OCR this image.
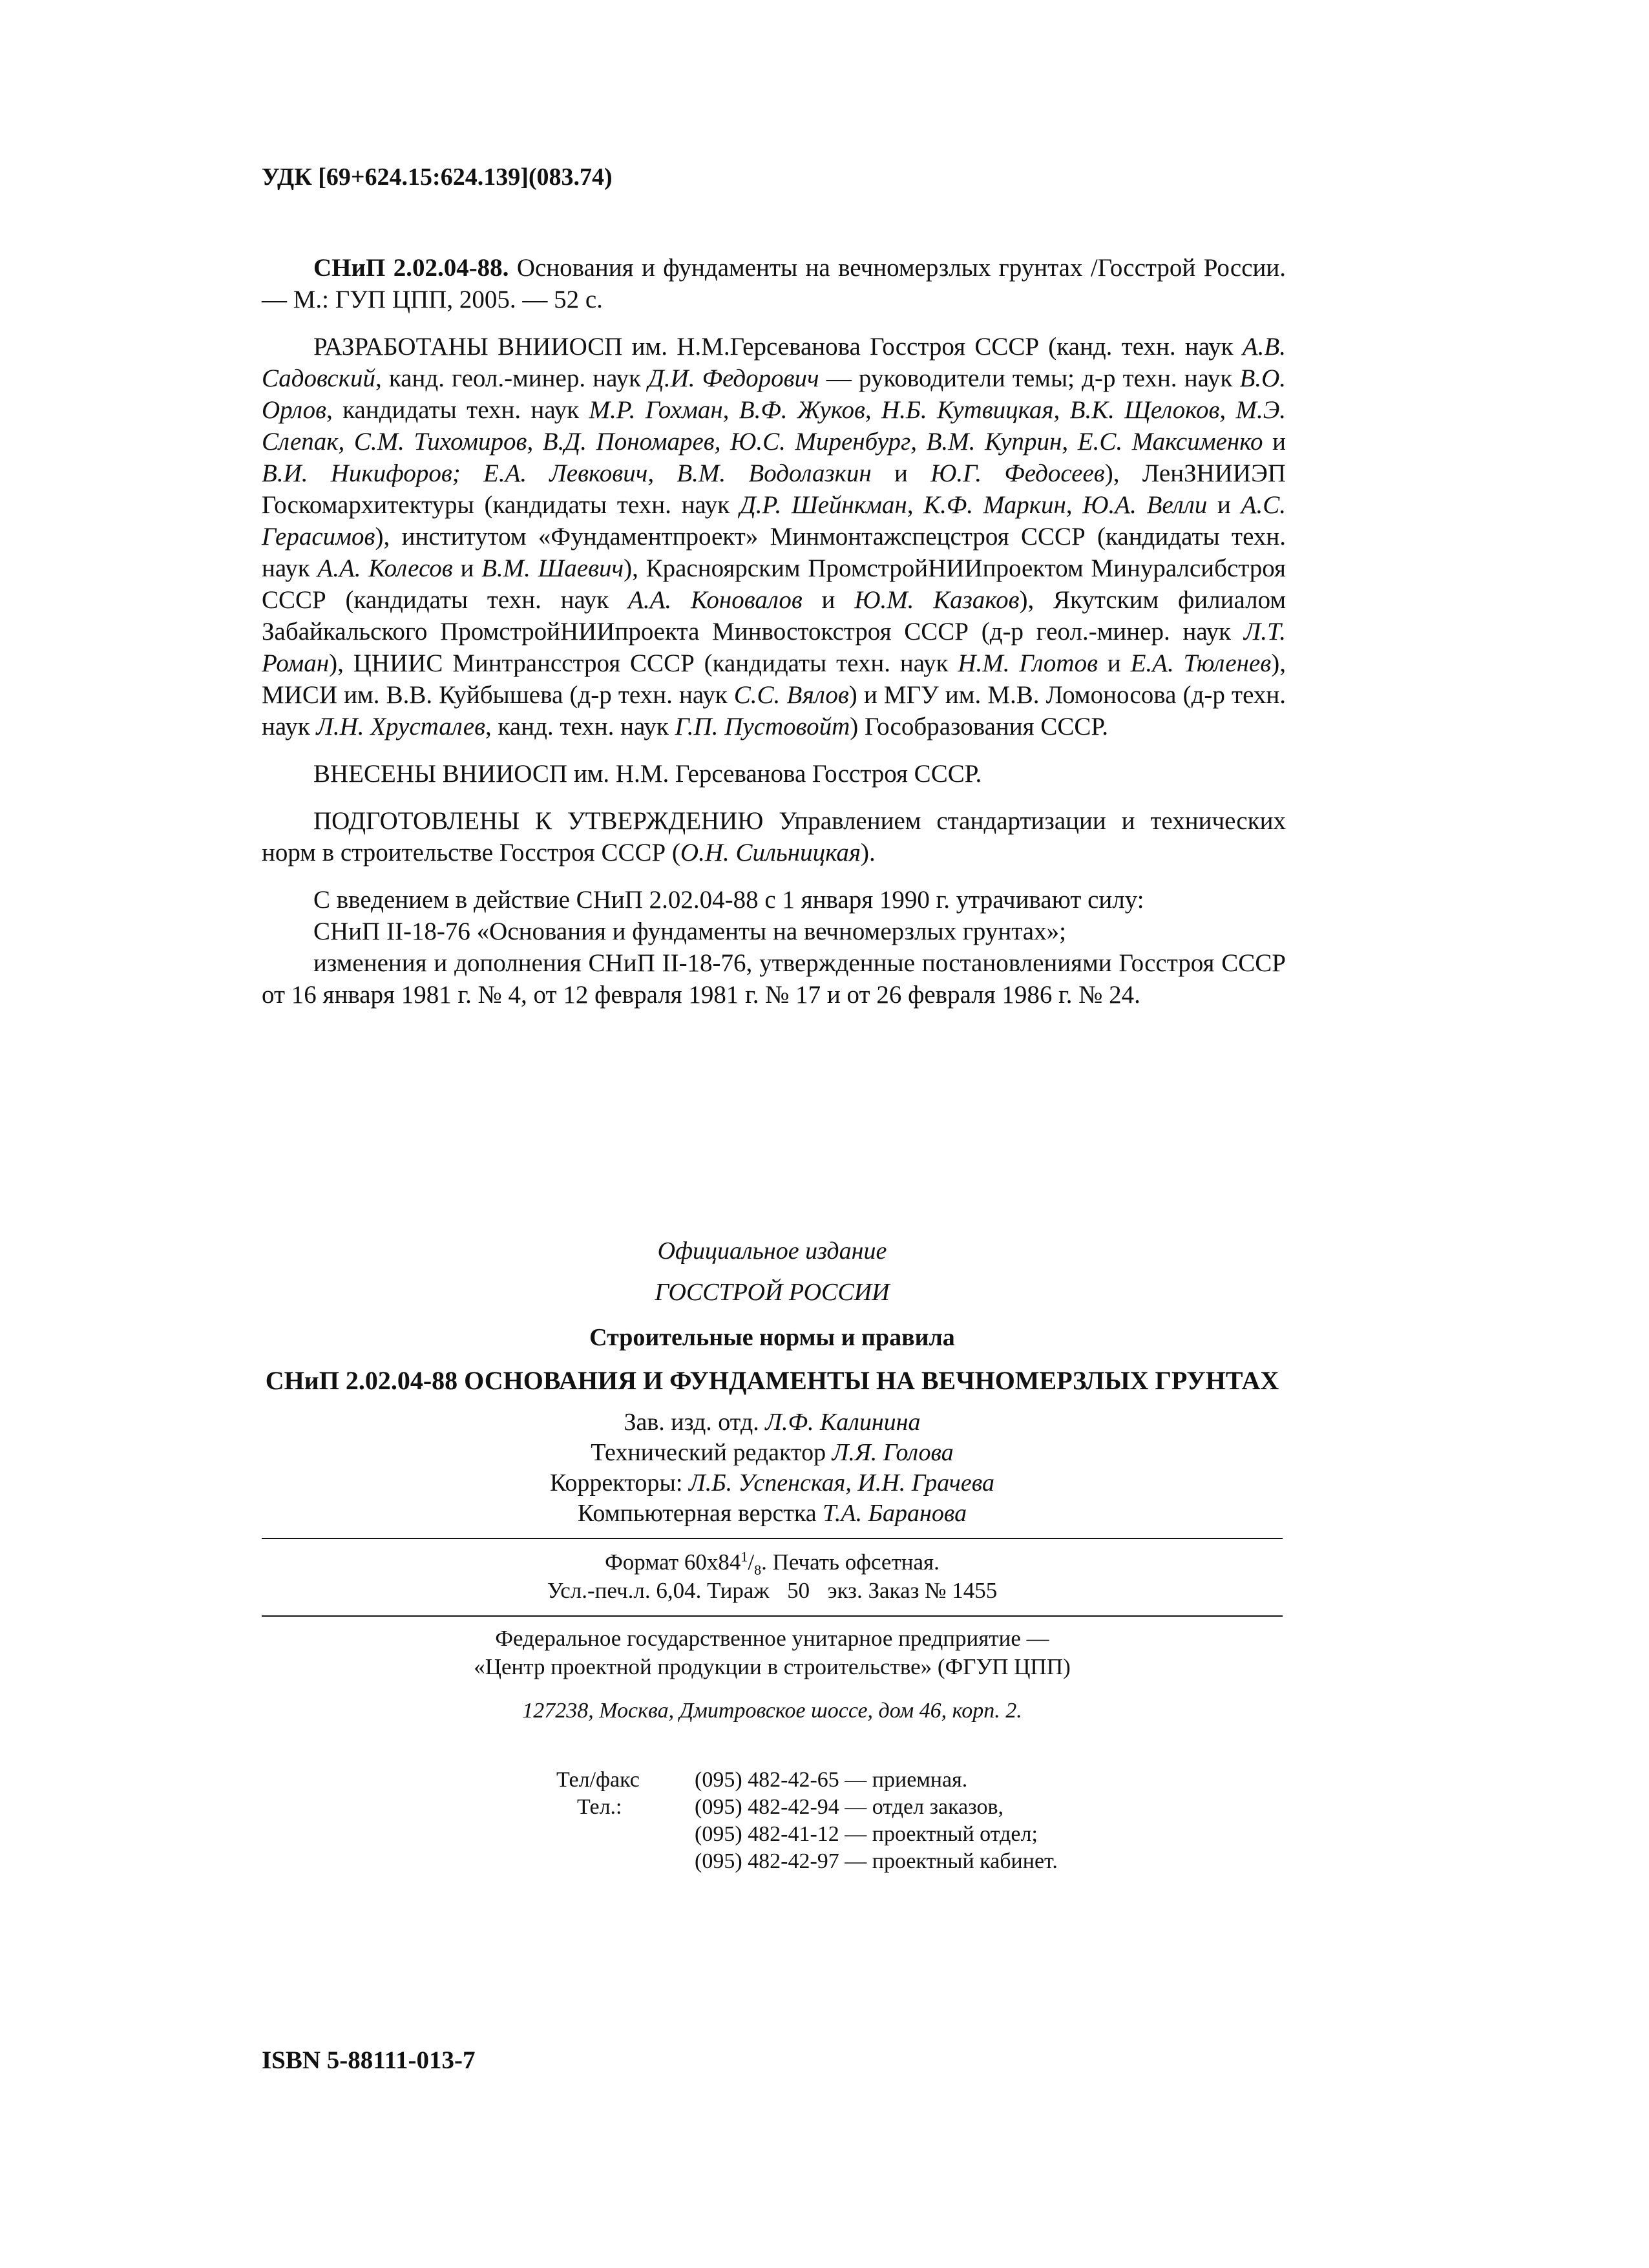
УДК [69+624.15:624.139](083.74)

СНиП 2.02.04-88. Основания и фундаменты на вечномерзлых грунтах /Госстрой России. — М.: ГУП ЦПП, 2005. — 52 с.

РАЗРАБОТАНЫ ВНИИОСП им. Н.М.Герсеванова Госстроя СССР (канд. техн. наук А.В. Садовский, канд. геол.-минер. наук Д.И. Федорович — руководители темы; д-р техн. наук В.О. Орлов, кандидаты техн. наук М.Р. Гохман, В.Ф. Жуков, Н.Б. Кутвицкая, В.К. Щелоков, М.Э. Слепак, С.М. Тихомиров, В.Д. Пономарев, Ю.С. Миренбург, В.М. Куприн, Е.С. Максименко и В.И. Никифоров; Е.А. Левкович, В.М. Водолазкин и Ю.Г. Федосеев), ЛенЗНИИЭП Госкомархитектуры (кандидаты техн. наук Д.Р. Шейнкман, К.Ф. Маркин, Ю.А. Велли и А.С. Герасимов), институтом «Фундаментпроект» Минмонтажспецстроя СССР (кандидаты техн. наук А.А. Колесов и В.М. Шаевич), Красноярским ПромстройНИИпроектом Минуралсибстроя СССР (кандидаты техн. наук А.А. Коновалов и Ю.М. Казаков), Якутским филиалом Забайкальского ПромстройНИИпроекта Минвостокстроя СССР (д-р геол.-минер. наук Л.Т. Роман), ЦНИИС Минтрансстроя СССР (кандидаты техн. наук Н.М. Глотов и Е.А. Тюленев), МИСИ им. В.В. Куйбышева (д-р техн. наук С.С. Вялов) и МГУ им. М.В. Ломоносова (д-р техн. наук Л.Н. Хрусталев, канд. техн. наук Г.П. Пустовойт) Гособразования СССР.

ВНЕСЕНЫ ВНИИОСП им. Н.М. Герсеванова Госстроя СССР.

ПОДГОТОВЛЕНЫ К УТВЕРЖДЕНИЮ Управлением стандартизации и технических норм в строительстве Госстроя СССР (О.Н. Сильницкая).

С введением в действие СНиП 2.02.04-88 с 1 января 1990 г. утрачивают силу:

СНиП II-18-76 «Основания и фундаменты на вечномерзлых грунтах»;

изменения и дополнения СНиП II-18-76, утвержденные постановлениями Госстроя СССР от 16 января 1981 г. № 4, от 12 февраля 1981 г. № 17 и от 26 февраля 1986 г. № 24.

Официальное издание
ГОССТРОЙ РОССИИ
Строительные нормы и правила
СНиП 2.02.04-88 ОСНОВАНИЯ И ФУНДАМЕНТЫ НА ВЕЧНОМЕРЗЛЫХ ГРУНТАХ
Зав. изд. отд. Л.Ф. Калинина
Технический редактор Л.Я. Голова
Корректоры: Л.Б. Успенская, И.Н. Грачева
Компьютерная верстка Т.А. Баранова
Формат $60х84^1/_8$. Печать офсетная.
Усл.-печ.л. 6,04. Тираж 50 экз. Заказ № 1455
Федеральное государственное унитарное предприятие —
«Центр проектной продукции в строительстве» (ФГУП ЦПП)
127238, Москва, Дмитровское шоссе, дом 46, корп. 2.

Тел/факс
	(095) 482-42-65 — приемная.

Тел.:
	(095) 482-42-94 — отдел заказов,

(095) 482-41-12 — проектный отдел;

(095) 482-42-97 — проектный кабинет.

ISBN 5-88111-013-7
